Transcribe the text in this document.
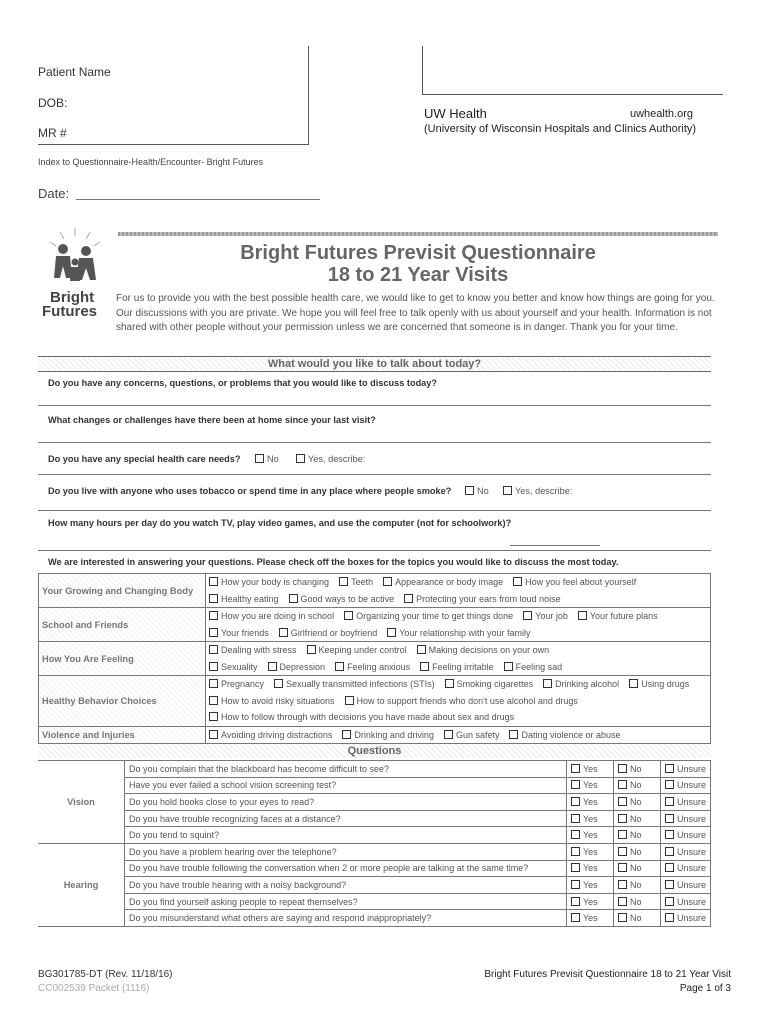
Patient Name
DOB:
MR #
UW Health	uwhealth.org
(University of Wisconsin Hospitals and Clinics Authority)
Index to Questionnaire-Health/Encounter- Bright Futures
Date:
Bright
Futures
Bright Futures Previsit Questionnaire
18 to 21 Year Visits
For us to provide you with the best possible health care, we would like to get to know you better and know how things are going for you.
Our discussions with you are private. We hope you will feel free to talk openly with us about yourself and your health. Information is not
shared with other people without your permission unless we are concerned that someone is in danger. Thank you for your time.
What would you like to talk about today?
Do you have any concerns, questions, or problems that you would like to discuss today?
What changes or challenges have there been at home since your last visit?
Do you have any special health care needs?	No	Yes, describe:
Do you live with anyone who uses tobacco or spend time in any place where people smoke?	No	Yes, describe:
How many hours per day do you watch TV, play video games, and use the computer (not for schoolwork)?
We are interested in answering your questions. Please check off the boxes for the topics you would like to discuss the most today.
Your Growing and Changing Body	How your body is changing Teeth Appearance or body image How you feel about yourself
Healthy eating Good ways to be active Protecting your ears from loud noise

School and Friends	How you are doing in school Organizing your time to get things done Your job Your future plans
Your friends Girlfriend or boyfriend Your relationship with your family

How You Are Feeling	Dealing with stress Keeping under control Making decisions on your own
Sexuality Depression Feeling anxious Feeling irritable Feeling sad

Healthy Behavior Choices	Pregnancy Sexually transmitted infections (STIs) Smoking cigarettes Drinking alcohol Using drugs
How to avoid risky situations How to support friends who don't use alcohol and drugs
How to follow through with decisions you have made about sex and drugs

Violence and Injuries	Avoiding driving distractions Drinking and driving Gun safety Dating violence or abuse
Questions
Vision	Do you complain that the blackboard has become difficult to see?	Yes	No	Unsure
	Have you ever failed a school vision screening test?	Yes	No	Unsure
	Do you hold books close to your eyes to read?	Yes	No	Unsure
	Do you have trouble recognizing faces at a distance?	Yes	No	Unsure
	Do you tend to squint?	Yes	No	Unsure
Hearing	Do you have a problem hearing over the telephone?	Yes	No	Unsure
	Do you have trouble following the conversation when 2 or more people are talking at the same time?	Yes	No	Unsure
	Do you have trouble hearing with a noisy background?	Yes	No	Unsure
	Do you find yourself asking people to repeat themselves?	Yes	No	Unsure
	Do you misunderstand what others are saying and respond inappropriately?	Yes	No	Unsure
BG301785-DT (Rev. 11/18/16)
CC002539 Packet (1116)
Bright Futures Previsit Questionnaire 18 to 21 Year Visit
Page 1 of 3
